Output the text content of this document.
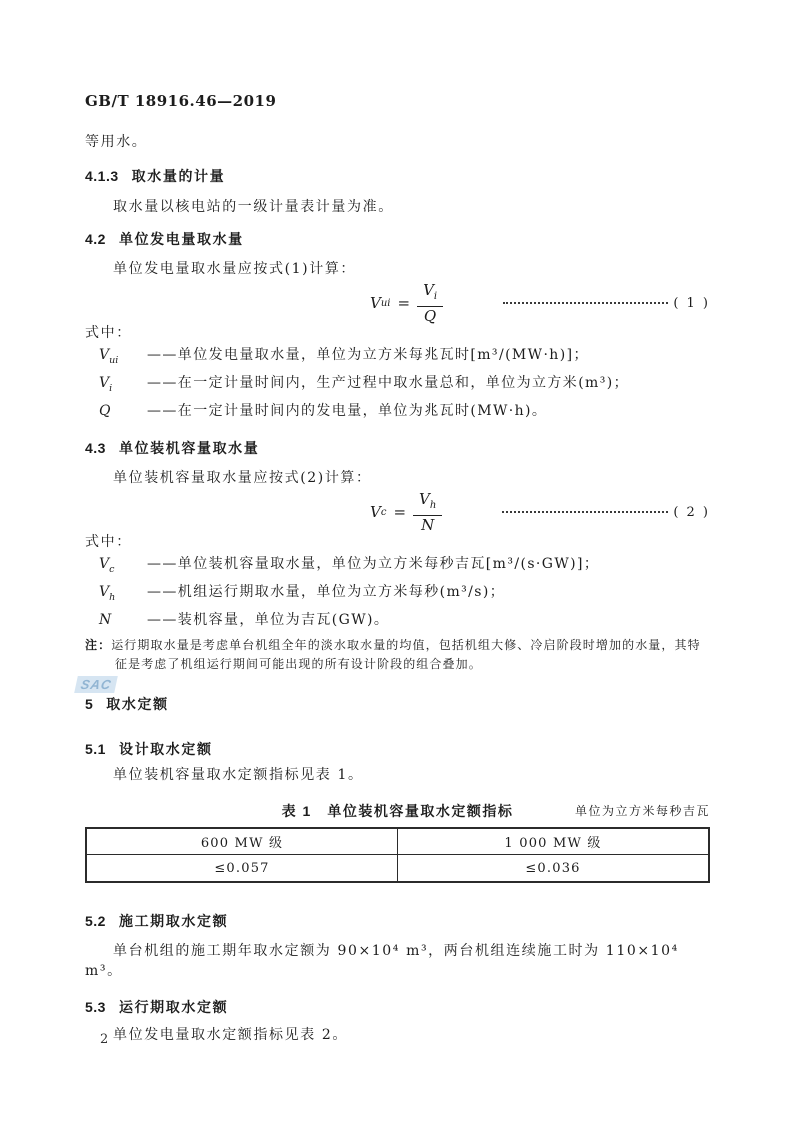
GB/T 18916.46—2019
等用水。
4.1.3 取水量的计量
取水量以核电站的一级计量表计量为准。
4.2 单位发电量取水量
单位发电量取水量应按式(1)计算：
V ui = $\frac{V_i}{Q}$	( 1 )
式中：
$V_{ui}$	——单位发电量取水量，单位为立方米每兆瓦时[m³/(MW·h)]；
$V_i$	——在一定计量时间内，生产过程中取水量总和，单位为立方米(m³)；
Q	——在一定计量时间内的发电量，单位为兆瓦时(MW·h)。
4.3 单位装机容量取水量
单位装机容量取水量应按式(2)计算：
V $c = \frac{V_h}{N}$	( 2 )
式中：
$V_c$	——单位装机容量取水量，单位为立方米每秒吉瓦[m³/(s·GW)]；
$V_h$	——机组运行期取水量，单位为立方米每秒(m³/s)；
N	——装机容量，单位为吉瓦(GW)。
注：运行期取水量是考虑单台机组全年的淡水取水量的均值，包括机组大修、冷启阶段时增加的水量，其特征是考虑了机组运行期间可能出现的所有设计阶段的组合叠加。
5 取水定额
SAC
5.1 设计取水定额
单位装机容量取水定额指标见表 1。
表 1　单位装机容量取水定额指标	单位为立方米每秒吉瓦
600 MW 级	1 000 MW 级
≤0.057	≤0.036
5.2 施工期取水定额
单台机组的施工期年取水定额为 90×10⁴ m³，两台机组连续施工时为 110×10⁴ m³。
5.3 运行期取水定额
单位发电量取水定额指标见表 2。
2
